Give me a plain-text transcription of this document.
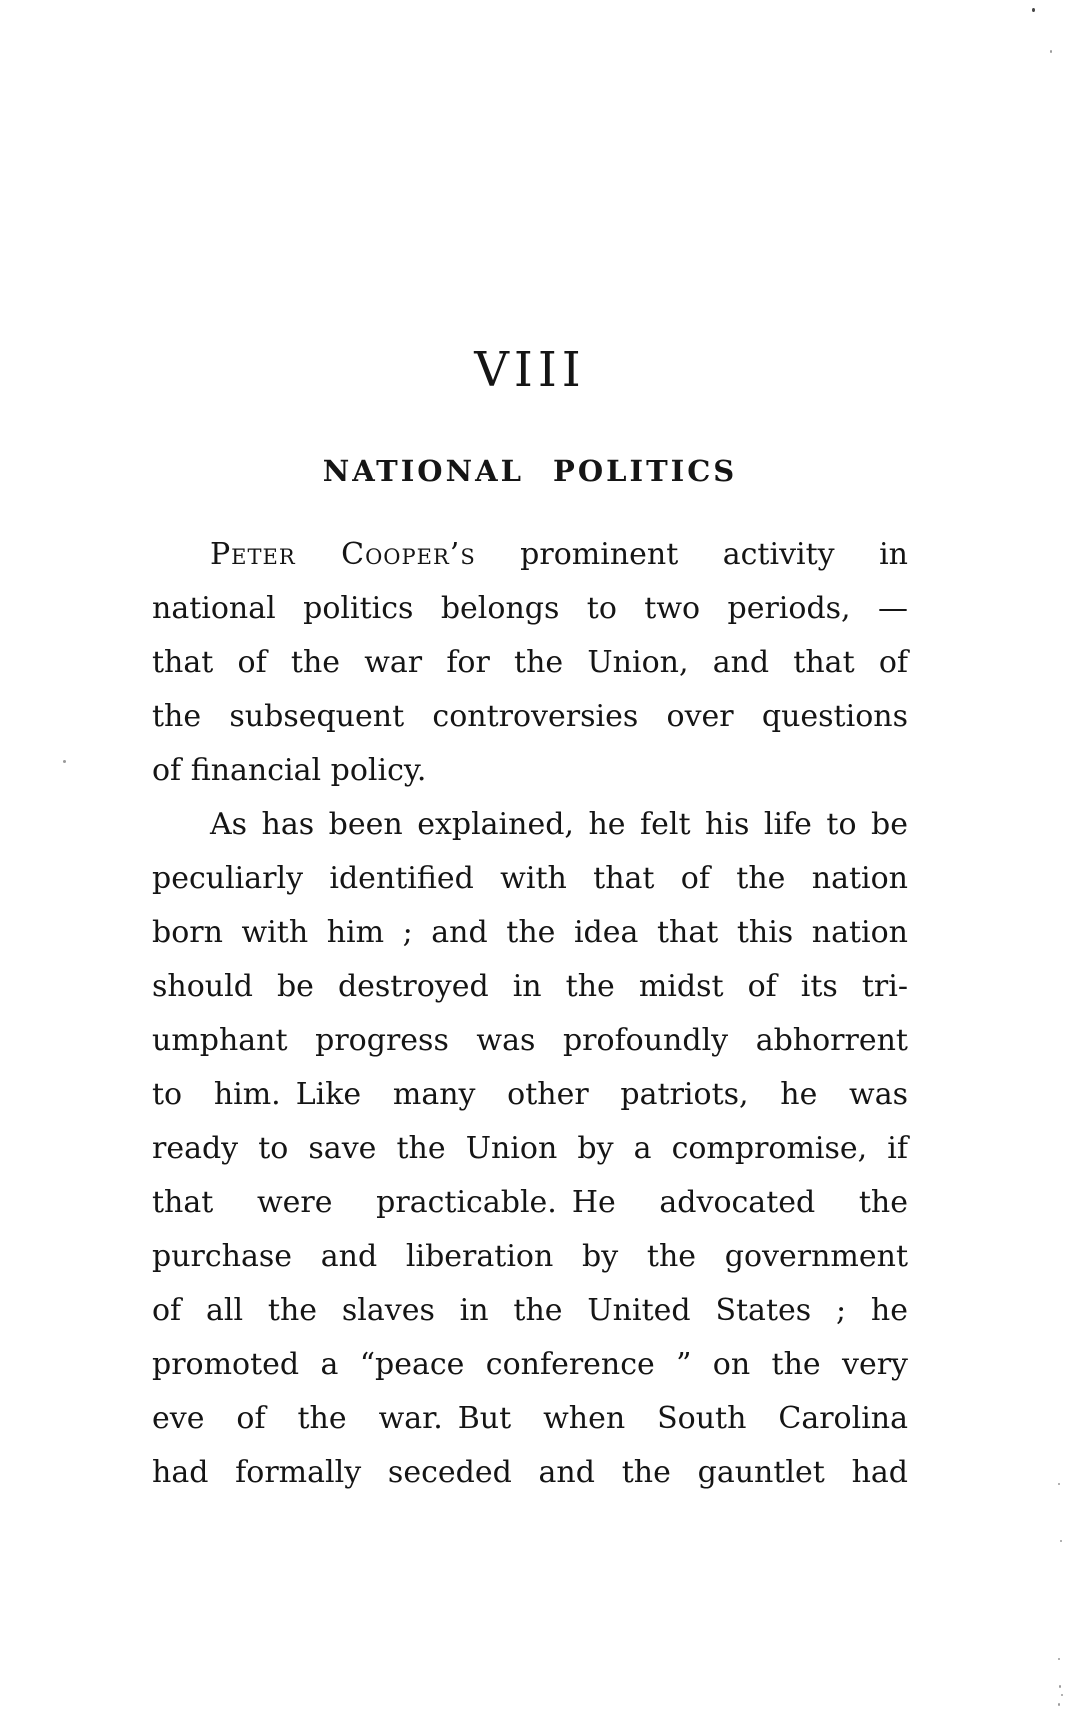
VIII
NATIONAL POLITICS
Peter Cooper’s prominent activity in
national politics belongs to two periods, —
that of the war for the Union, and that of
the subsequent controversies over questions
of financial policy.
As has been explained, he felt his life to be
peculiarly identified with that of the nation
born with him ; and the idea that this nation
should be destroyed in the midst of its tri-
umphant progress was profoundly abhorrent
to him. Like many other patriots, he was
ready to save the Union by a compromise, if
that were practicable. He advocated the
purchase and liberation by the government
of all the slaves in the United States ; he
promoted a “peace conference ” on the very
eve of the war. But when South Carolina
had formally seceded and the gauntlet had
